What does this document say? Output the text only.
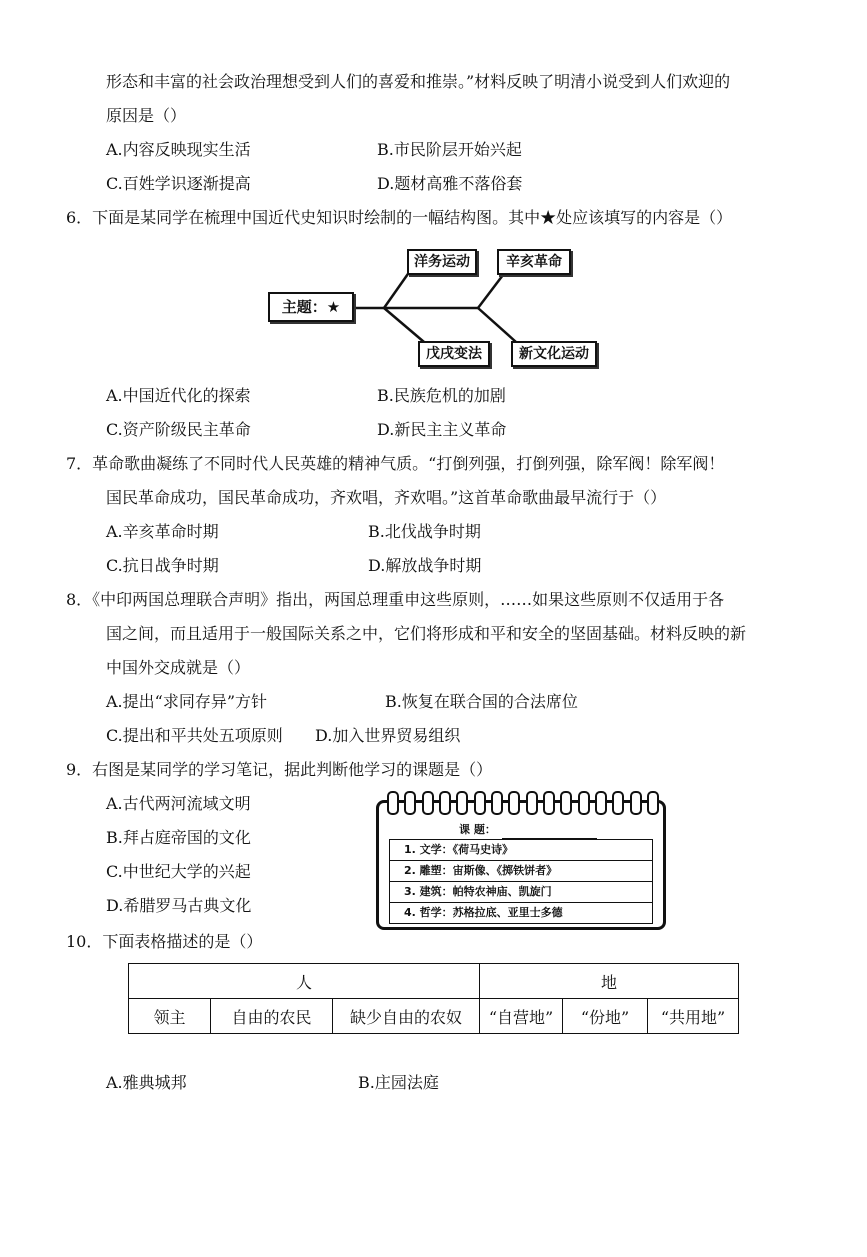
形态和丰富的社会政治理想受到人们的喜爱和推崇。”材料反映了明清小说受到人们欢迎的
原因是（）
A.内容反映现实生活	B.市民阶层开始兴起
C.百姓学识逐渐提高	D.题材高雅不落俗套
6．下面是某同学在梳理中国近代史知识时绘制的一幅结构图。其中★处应该填写的内容是（）
主题：★
洋务运动
戊戌变法
辛亥革命
新文化运动
A.中国近代化的探索	B.民族危机的加剧
C.资产阶级民主革命	D.新民主主义革命
7．革命歌曲凝练了不同时代人民英雄的精神气质。“打倒列强，打倒列强，除军阀！除军阀！
国民革命成功，国民革命成功，齐欢唱，齐欢唱。”这首革命歌曲最早流行于（）
A.辛亥革命时期	B.北伐战争时期
C.抗日战争时期	D.解放战争时期
8．《中印两国总理联合声明》指出，两国总理重申这些原则，……如果这些原则不仅适用于各
国之间，而且适用于一般国际关系之中，它们将形成和平和安全的坚固基础。材料反映的新
中国外交成就是（）
A.提出“求同存异”方针	B.恢复在联合国的合法席位
C.提出和平共处五项原则 D.加入世界贸易组织
9．右图是某同学的学习笔记，据此判断他学习的课题是（）
A.古代两河流域文明
B.拜占庭帝国的文化
C.中世纪大学的兴起
D.希腊罗马古典文化
课 题：
1. 文学：《荷马史诗》
2. 雕塑：宙斯像、《掷铁饼者》
3. 建筑：帕特农神庙、凯旋门
4. 哲学：苏格拉底、亚里士多德
10．下面表格描述的是（）
人			地		
领主	自由的农民	缺少自由的农奴	“自营地”	“份地”	“共用地”
A.雅典城邦	B.庄园法庭
